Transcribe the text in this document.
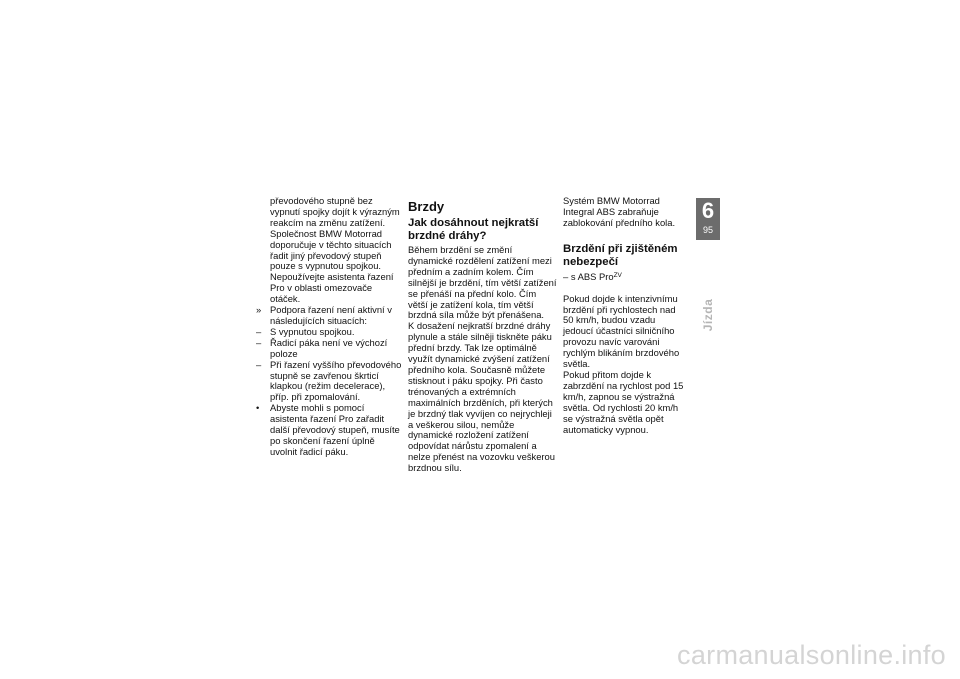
převodového stupně bez vypnutí spojky dojít k výrazným reakcím na změnu zatížení. Společnost BMW Motorrad doporučuje v těchto situacích řadit jiný převodový stupeň pouze s vypnutou spojkou. Nepoužívejte asistenta řazení Pro v oblasti omezovače otáček.

» Podpora řazení není aktivní v následujících situacích:

– S vypnutou spojkou.

– Řadicí páka není ve výchozí poloze

– Při řazení vyššího převodového stupně se zavřenou škrticí klapkou (režim decelerace), příp. při zpomalování.

•	Abyste mohli s pomocí asistenta řazení Pro zařadit další převodový stupeň, musíte po skončení řazení úplně uvolnit řadicí páku.

Brzdy

Jak dosáhnout nejkratší brzdné dráhy?

Během brzdění se změní dynamické rozdělení zatížení mezi předním a zadním kolem. Čím silnější je brzdění, tím větší zatížení se přenáší na přední kolo. Čím větší je zatížení kola, tím větší brzdná síla může být přenášena.

K dosažení nejkratší brzdné dráhy plynule a stále silněji tiskněte páku přední brzdy. Tak lze optimálně využít dynamické zvýšení zatížení předního kola. Současně můžete stisknout i páku spojky. Při často trénovaných a extrémních maximálních brzděních, při kterých je brzdný tlak vyvíjen co nejrychleji a veškerou silou, nemůže dynamické rozložení zatížení odpovídat nárůstu zpomalení a nelze přenést na vozovku veškerou brzdnou sílu.

Systém BMW Motorrad Integral ABS zabraňuje zablokování předního kola.

Brzdění při zjištěném nebezpečí

– s ABS Pro$^{ZV}$

Pokud dojde k intenzivnímu brzdění při rychlostech nad 50 km/h, budou vzadu jedoucí účastníci silničního provozu navíc varováni rychlým blikáním brzdového světla.

Pokud přitom dojde k zabrzdění na rychlost pod 15 km/h, zapnou se výstražná světla. Od rychlosti 20 km/h se výstražná světla opět automaticky vypnou.

6
95
Jízda
carmanualsonline.info
